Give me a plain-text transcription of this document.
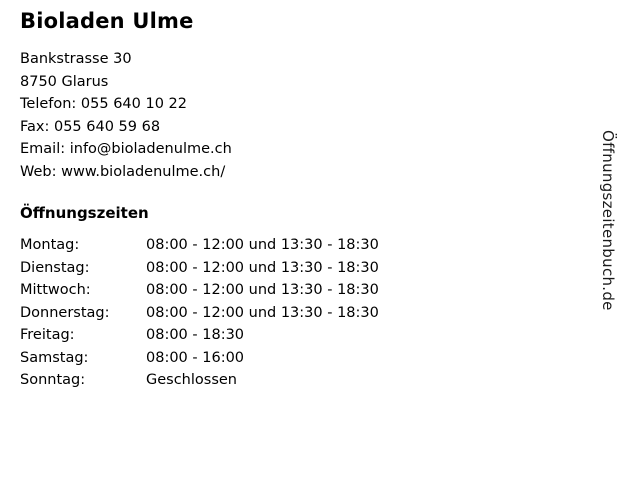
Bioladen Ulme
Bankstrasse 30
8750 Glarus
Telefon: 055 640 10 22
Fax: 055 640 59 68
Email: info@bioladenulme.ch
Web: www.bioladenulme.ch/
Öffnungszeiten
Montag:	08:00 - 12:00 und 13:30 - 18:30
Dienstag:	08:00 - 12:00 und 13:30 - 18:30
Mittwoch:	08:00 - 12:00 und 13:30 - 18:30
Donnerstag:	08:00 - 12:00 und 13:30 - 18:30
Freitag:	08:00 - 18:30
Samstag:	08:00 - 16:00
Sonntag:	Geschlossen
Öffnungszeitenbuch.de
